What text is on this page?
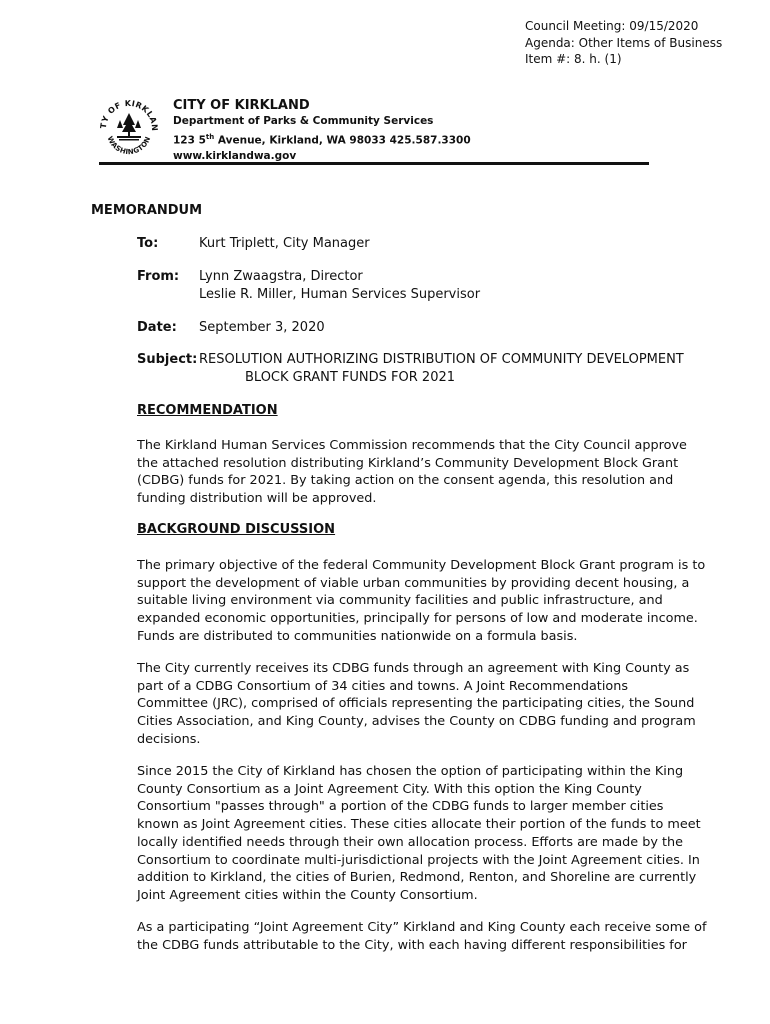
Council Meeting: 09/15/2020
Agenda: Other Items of Business
Item #: 8. h. (1)
TY OF KIRKLAN
WASHINGTON
CITY OF KIRKLAND
Department of Parks & Community Services
123 5th Avenue, Kirkland, WA 98033 425.587.3300
www.kirklandwa.gov
MEMORANDUM
To:	Kurt Triplett, City Manager
From: Lynn Zwaagstra, Director
Leslie R. Miller, Human Services Supervisor
Date: September 3, 2020
Subject: RESOLUTION AUTHORIZING DISTRIBUTION OF COMMUNITY DEVELOPMENT
BLOCK GRANT FUNDS FOR 2021
RECOMMENDATION
The Kirkland Human Services Commission recommends that the City Council approve
the attached resolution distributing Kirkland’s Community Development Block Grant
(CDBG) funds for 2021. By taking action on the consent agenda, this resolution and
funding distribution will be approved.
BACKGROUND DISCUSSION
The primary objective of the federal Community Development Block Grant program is to
support the development of viable urban communities by providing decent housing, a
suitable living environment via community facilities and public infrastructure, and
expanded economic opportunities, principally for persons of low and moderate income.
Funds are distributed to communities nationwide on a formula basis.
The City currently receives its CDBG funds through an agreement with King County as
part of a CDBG Consortium of 34 cities and towns. A Joint Recommendations
Committee (JRC), comprised of officials representing the participating cities, the Sound
Cities Association, and King County, advises the County on CDBG funding and program
decisions.
Since 2015 the City of Kirkland has chosen the option of participating within the King
County Consortium as a Joint Agreement City. With this option the King County
Consortium "passes through" a portion of the CDBG funds to larger member cities
known as Joint Agreement cities. These cities allocate their portion of the funds to meet
locally identified needs through their own allocation process. Efforts are made by the
Consortium to coordinate multi-jurisdictional projects with the Joint Agreement cities. In
addition to Kirkland, the cities of Burien, Redmond, Renton, and Shoreline are currently
Joint Agreement cities within the County Consortium.
As a participating “Joint Agreement City” Kirkland and King County each receive some of
the CDBG funds attributable to the City, with each having different responsibilities for
